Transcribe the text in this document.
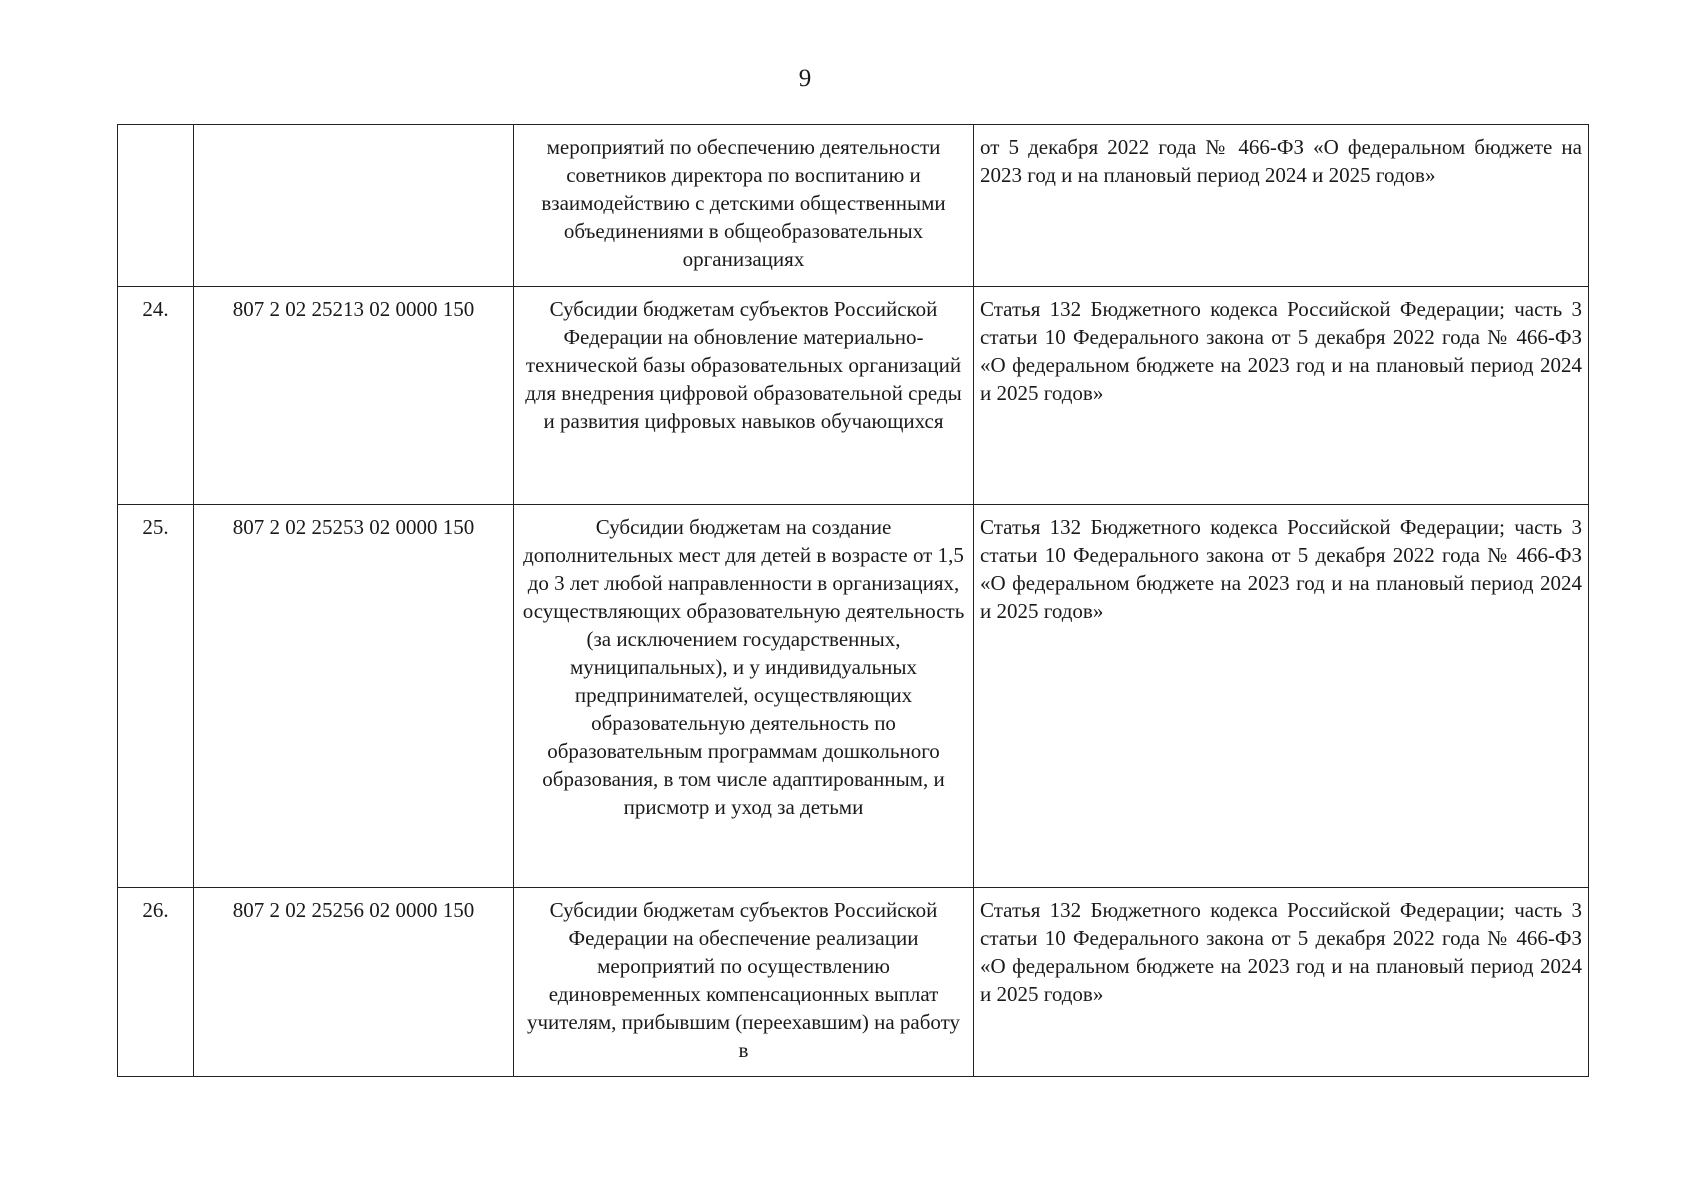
9
		мероприятий по обеспечению деятельности советников директора по воспитанию и взаимодействию с детскими общественными объединениями в общеобразовательных организациях	от 5 декабря 2022 года № 466-ФЗ «О федеральном бюджете на 2023 год и на плановый период 2024 и 2025 годов»
24.	807 2 02 25213 02 0000 150	Субсидии бюджетам субъектов Российской Федерации на обновление материально-технической базы образовательных организаций для внедрения цифровой образовательной среды и развития цифровых навыков обучающихся	Статья 132 Бюджетного кодекса Российской Федерации; часть 3 статьи 10 Федерального закона от 5 декабря 2022 года № 466-ФЗ «О федеральном бюджете на 2023 год и на плановый период 2024 и 2025 годов»
25.	807 2 02 25253 02 0000 150	Субсидии бюджетам на создание дополнительных мест для детей в возрасте от 1,5 до 3 лет любой направленности в организациях, осуществляющих образовательную деятельность (за исключением государственных, муниципальных), и у индивидуальных предпринимателей, осуществляющих образовательную деятельность по образовательным программам дошкольного образования, в том числе адаптированным, и присмотр и уход за детьми	Статья 132 Бюджетного кодекса Российской Федерации; часть 3 статьи 10 Федерального закона от 5 декабря 2022 года № 466-ФЗ «О федеральном бюджете на 2023 год и на плановый период 2024 и 2025 годов»
26.	807 2 02 25256 02 0000 150	Субсидии бюджетам субъектов Российской Федерации на обеспечение реализации мероприятий по осуществлению единовременных компенсационных выплат учителям, прибывшим (переехавшим) на работу в	Статья 132 Бюджетного кодекса Российской Федерации; часть 3 статьи 10 Федерального закона от 5 декабря 2022 года № 466-ФЗ «О федеральном бюджете на 2023 год и на плановый период 2024 и 2025 годов»
